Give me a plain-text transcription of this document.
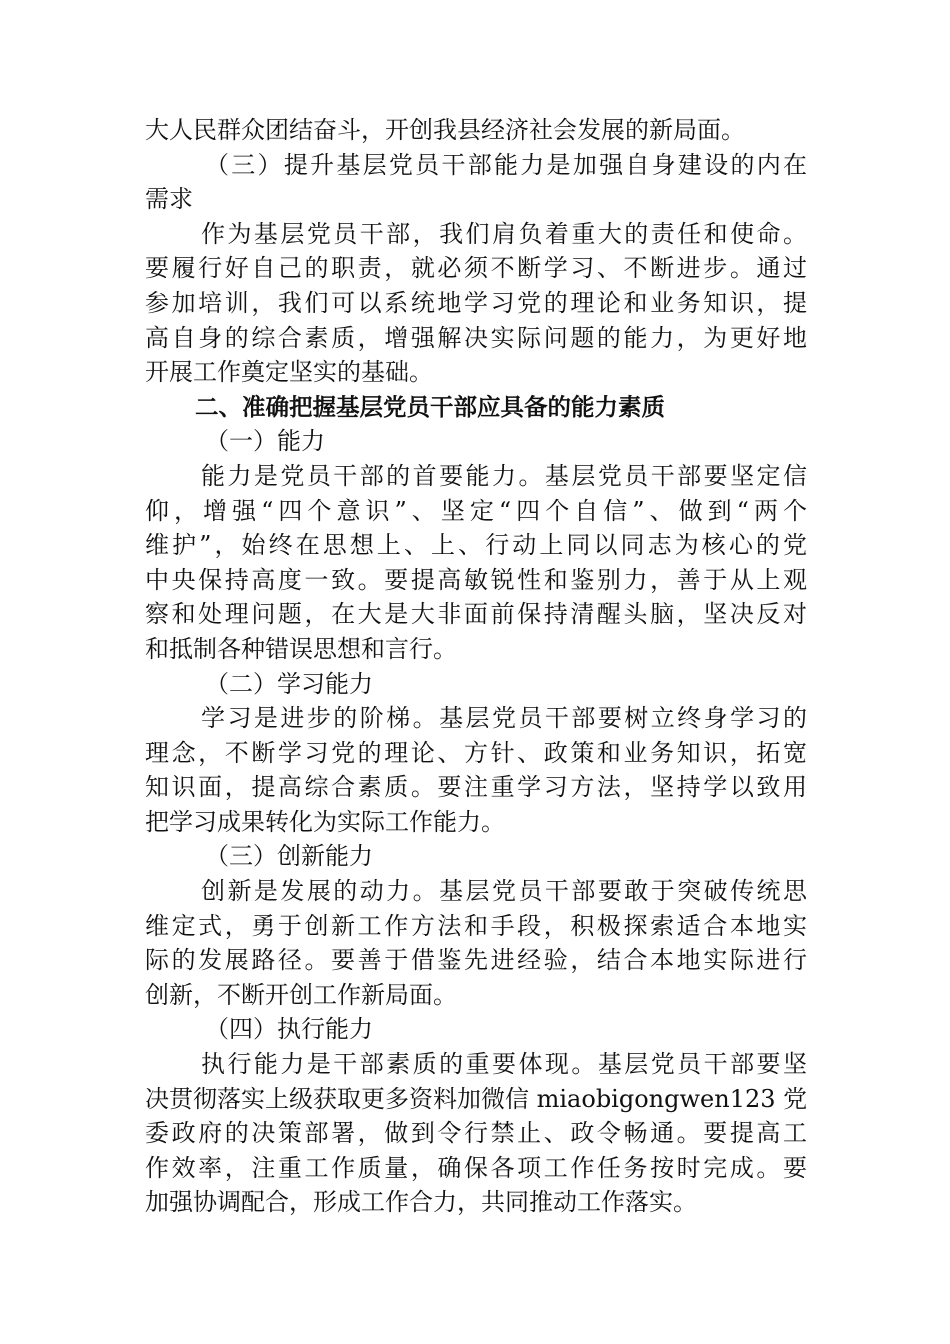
大人民群众团结奋斗，开创我县经济社会发展的新局面。
（三）提升基层党员干部能力是加强自身建设的内在
需求
作为基层党员干部，我们肩负着重大的责任和使命。
要履行好自己的职责，就必须不断学习、不断进步。通过
参加培训，我们可以系统地学习党的理论和业务知识，提
高自身的综合素质，增强解决实际问题的能力，为更好地
开展工作奠定坚实的基础。
二、准确把握基层党员干部应具备的能力素质
（一）能力
能力是党员干部的首要能力。基层党员干部要坚定信
仰，增强“四个意识”、坚定“四个自信”、做到“两个
维护”，始终在思想上、上、行动上同以同志为核心的党
中央保持高度一致。要提高敏锐性和鉴别力，善于从上观
察和处理问题，在大是大非面前保持清醒头脑，坚决反对
和抵制各种错误思想和言行。
（二）学习能力
学习是进步的阶梯。基层党员干部要树立终身学习的
理念，不断学习党的理论、方针、政策和业务知识，拓宽
知识面，提高综合素质。要注重学习方法，坚持学以致用
把学习成果转化为实际工作能力。
（三）创新能力
创新是发展的动力。基层党员干部要敢于突破传统思
维定式，勇于创新工作方法和手段，积极探索适合本地实
际的发展路径。要善于借鉴先进经验，结合本地实际进行
创新，不断开创工作新局面。
（四）执行能力
执行能力是干部素质的重要体现。基层党员干部要坚
决贯彻落实上级获取更多资料加微信 miaobigongwen123 党
委政府的决策部署，做到令行禁止、政令畅通。要提高工
作效率，注重工作质量，确保各项工作任务按时完成。要
加强协调配合，形成工作合力，共同推动工作落实。
